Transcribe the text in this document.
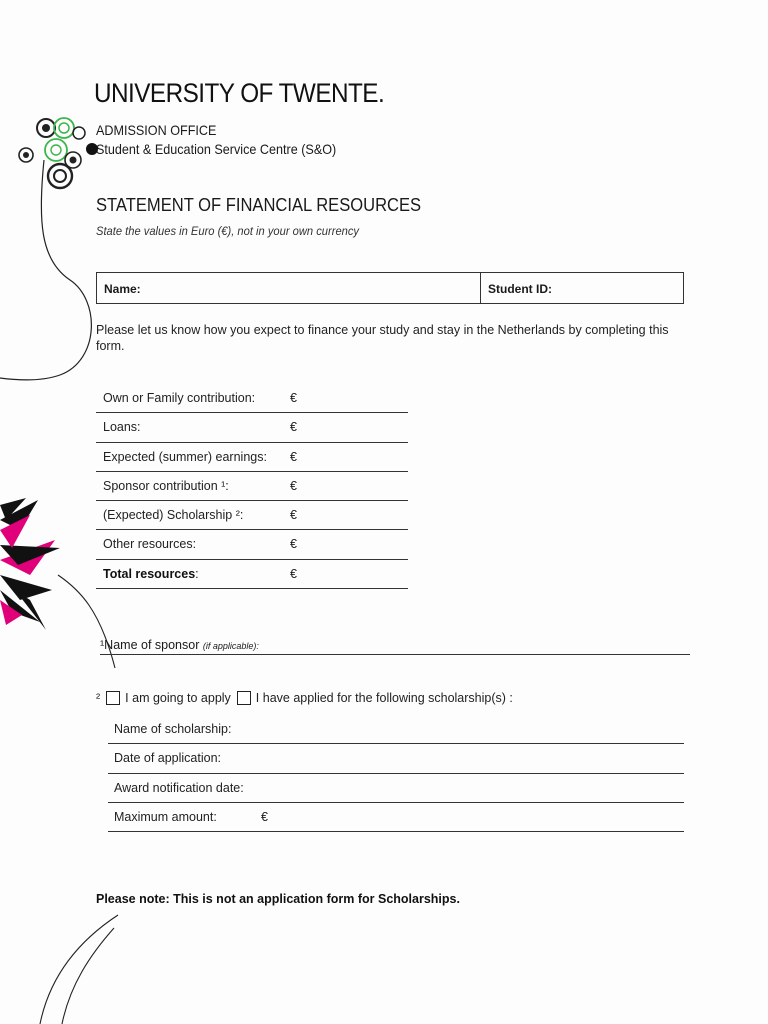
UNIVERSITY OF TWENTE.
ADMISSION OFFICE
Student & Education Service Centre (S&O)
STATEMENT OF FINANCIAL RESOURCES
State the values in Euro (€), not in your own currency
Name:	Student ID:
Please let us know how you expect to finance your study and stay in the Netherlands by completing this form.
Own or Family contribution:	€
Loans:	€
Expected (summer) earnings: €
Sponsor contribution ¹:	€
(Expected) Scholarship ²:	€
Other resources:	€
Total resources:	€
¹Name of sponsor (if applicable):
² I am going to apply I have applied for the following scholarship(s) :
Name of scholarship:
Date of application:
Award notification date:
Maximum amount:	€
Please note: This is not an application form for Scholarships.
